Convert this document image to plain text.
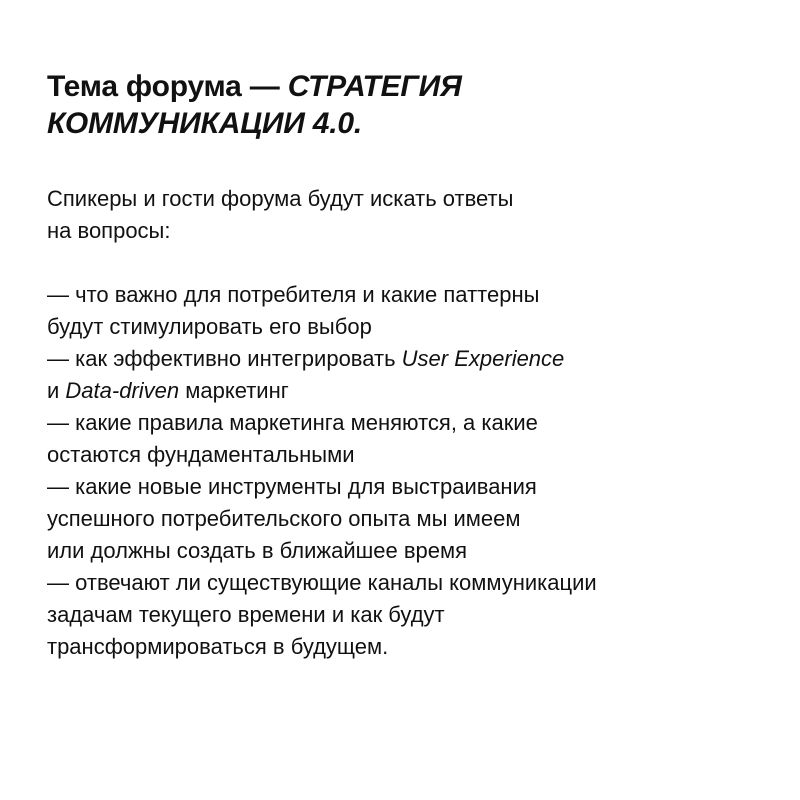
Тема форума — СТРАТЕГИЯ
КОММУНИКАЦИИ 4.0.

Спикеры и гости форума будут искать ответы
на вопросы:

— что важно для потребителя и какие паттерны
будут стимулировать его выбор
— как эффективно интегрировать User Experience
и Data-driven маркетинг
— какие правила маркетинга меняются, а какие
остаются фундаментальными
— какие новые инструменты для выстраивания
успешного потребительского опыта мы имеем
или должны создать в ближайшее время
— отвечают ли существующие каналы коммуникации
задачам текущего времени и как будут
трансформироваться в будущем.
